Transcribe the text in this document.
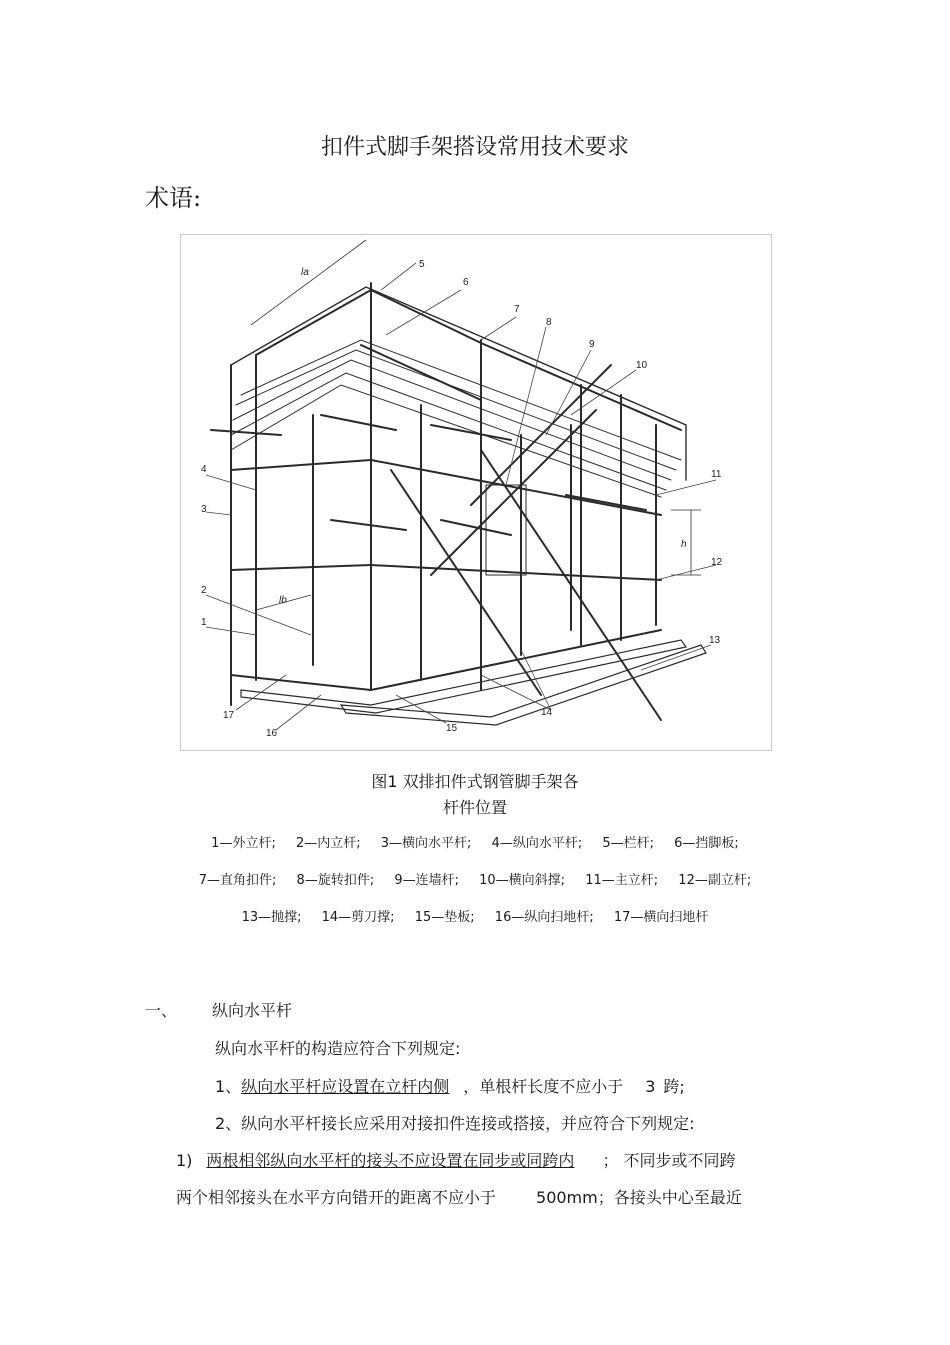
扣件式脚手架搭设常用技术要求
术语:
5
6
7
8
9
10
11
12
13
14
15
16
17
1
2
3
4
la
lb
h
图1 双排扣件式钢管脚手架各
杆件位置
1—外立杆; 2—内立杆; 3—横向水平杆; 4—纵向水平杆; 5—栏杆; 6—挡脚板;
7—直角扣件; 8—旋转扣件; 9—连墙杆; 10—横向斜撑; 11—主立杆; 12—副立杆;
13—抛撑; 14—剪刀撑; 15—垫板; 16—纵向扫地杆; 17—横向扫地杆
一、 纵向水平杆
纵向水平杆的构造应符合下列规定:
1、纵向水平杆应设置在立杆内侧 ，单根杆长度不应小于 3 跨;
2、纵向水平杆接长应采用对接扣件连接或搭接，并应符合下列规定:
1) 两根相邻纵向水平杆的接头不应设置在同步或同跨内 ； 不同步或不同跨
两个相邻接头在水平方向错开的距离不应小于	500mm；各接头中心至最近
